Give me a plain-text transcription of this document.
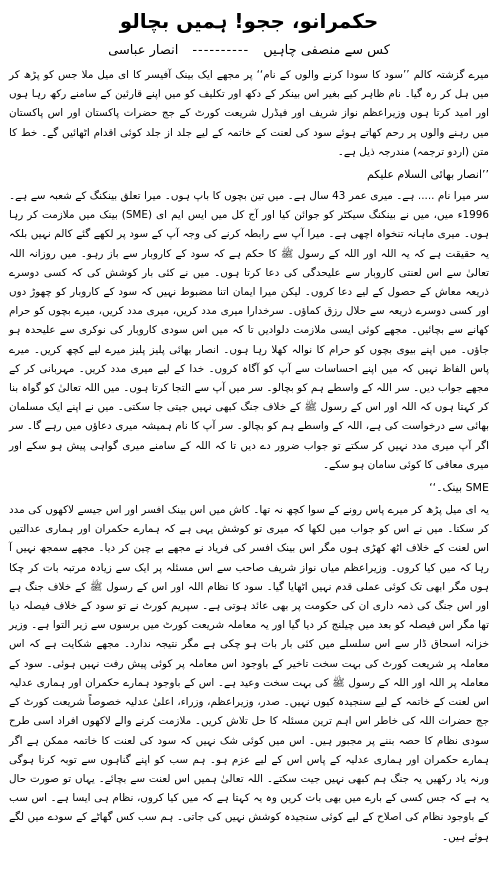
حکمرانو، ججو! ہمیں بچالو
کس سے منصفی چاہیں
----------
انصار عباسی

میرے گزشتہ کالم ’’سود کا سودا کرنے والوں کے نام‘‘ پر مجھے ایک بینک آفیسر کا ای میل ملا جس کو پڑھ کر میں ہل کر رہ گیا۔ نام ظاہر کیے بغیر اس بینکر کے دکھ اور تکلیف کو میں اپنے قارئین کے سامنے رکھ رہا ہوں اور امید کرتا ہوں وزیراعظم نواز شریف اور فیڈرل شریعت کورٹ کے جج حضرات پاکستان اور اس پاکستان میں رہنے والوں پر رحم کھاتے ہوئے سود کی لعنت کے خاتمہ کے لیے جلد از جلد کوئی اقدام اٹھائیں گے۔ خط کا متن (اردو ترجمہ) مندرجہ ذیل ہے۔

’’انصار بھائی السلام علیکم

سر میرا نام ..... ہے۔ میری عمر 43 سال ہے۔ میں تین بچوں کا باپ ہوں۔ میرا تعلق بینکنگ کے شعبہ سے ہے۔ 1996ء میں، میں نے بینکنگ سیکٹر کو جوائن کیا اور آج کل میں ایس ایم ای (SME) بینک میں ملازمت کر رہا ہوں۔ میری ماہانہ تنخواہ اچھی ہے۔ میرا آپ سے رابطہ کرنے کی وجہ آپ کے سود پر لکھے گئے کالم نہیں بلکہ یہ حقیقت ہے کہ یہ اللہ اور اللہ کے رسول ﷺ کا حکم ہے کہ سود کے کاروبار سے باز رہو۔ میں روزانہ اللہ تعالیٰ سے اس لعنتی کاروبار سے علیحدگی کی دعا کرتا ہوں۔ میں نے کئی بار کوشش کی کہ کسی دوسرے ذریعہ معاش کے حصول کے لیے دعا کروں۔ لیکن میرا ایمان اتنا مضبوط نہیں کہ سود کے کاروبار کو چھوڑ دوں اور کسی دوسرے ذریعہ سے حلال رزق کماؤں۔ سرخدارا میری مدد کریں، میری مدد کریں، میرے بچوں کو حرام کھانے سے بچائیں۔ مجھے کوئی ایسی ملازمت دلوادیں تا کہ میں اس سودی کاروبار کی نوکری سے علیحدہ ہو جاؤں۔ میں اپنے بیوی بچوں کو حرام کا نوالہ کھلا رہا ہوں۔ انصار بھائی پلیز پلیز میرے لیے کچھ کریں۔ میرے پاس الفاظ نہیں کہ میں اپنے احساسات سے آپ کو آگاہ کروں۔ خدا کے لیے میری مدد کریں۔ مہربانی کر کے مجھے جواب دیں۔ سر اللہ کے واسطے ہم کو بچالو۔ سر میں آپ سے التجا کرتا ہوں۔ میں اللہ تعالیٰ کو گواہ بنا کر کہتا ہوں کہ اللہ اور اس کے رسول ﷺ کے خلاف جنگ کبھی نہیں جیتی جا سکتی۔ میں نے اپنے ایک مسلمان بھائی سے درخواست کی ہے، اللہ کے واسطے ہم کو بچالو۔ سر آپ کا نام ہمیشہ میری دعاؤں میں رہے گا۔ سر اگر آپ میری مدد نہیں کر سکتے تو جواب ضرور دے دیں تا کہ اللہ کے سامنے میری گواہی پیش ہو سکے اور میری معافی کا کوئی سامان ہو سکے۔

SME بینک۔‘‘

یہ ای میل پڑھ کر میرے پاس رونے کے سوا کچھ نہ تھا۔ کاش میں اس بینک افسر اور اس جیسے لاکھوں کی مدد کر سکتا۔ میں نے اس کو جواب میں لکھا کہ میری تو کوشش یہی ہے کہ ہمارے حکمران اور ہماری عدالتیں اس لعنت کے خلاف اٹھ کھڑی ہوں مگر اس بینک افسر کی فریاد نے مجھے بے چین کر دیا۔ مجھے سمجھ نہیں آ رہا کہ میں کیا کروں۔ وزیراعظم میاں نواز شریف صاحب سے اس مسئلہ پر ایک سے زیادہ مرتبہ بات کر چکا ہوں مگر ابھی تک کوئی عملی قدم نہیں اٹھایا گیا۔ سود کا نظام اللہ اور اس کے رسول ﷺ کے خلاف جنگ ہے اور اس جنگ کی ذمہ داری ان کی حکومت پر بھی عائد ہوتی ہے۔ سپریم کورٹ نے تو سود کے خلاف فیصلہ دیا تھا مگر اس فیصلہ کو بعد میں چیلنج کر دیا گیا اور یہ معاملہ شریعت کورٹ میں برسوں سے زیر التوا ہے۔ وزیر خزانہ اسحاق ڈار سے اس سلسلے میں کئی بار بات ہو چکی ہے مگر نتیجہ ندارد۔ مجھے شکایت ہے کہ اس معاملہ پر شریعت کورٹ کی بہت سخت تاخیر کے باوجود اس معاملہ پر کوئی پیش رفت نہیں ہوئی۔ سود کے معاملہ پر اللہ اور اللہ کے رسول ﷺ کی بہت سخت وعید ہے۔ اس کے باوجود ہمارے حکمران اور ہماری عدلیہ اس لعنت کے خاتمہ کے لیے سنجیدہ کیوں نہیں۔ صدر، وزیراعظم، وزراء، اعلیٰ عدلیہ خصوصاً شریعت کورٹ کے جج حضرات اللہ کی خاطر اس اہم ترین مسئلہ کا حل تلاش کریں۔ ملازمت کرنے والے لاکھوں افراد اسی طرح سودی نظام کا حصہ بننے پر مجبور ہیں۔ اس میں کوئی شک نہیں کہ سود کی لعنت کا خاتمہ ممکن ہے اگر ہمارے حکمران اور ہماری عدلیہ کے پاس اس کے لیے عزم ہو۔ ہم سب کو اپنے گناہوں سے توبہ کرنا ہوگی ورنہ یاد رکھیں یہ جنگ ہم کبھی نہیں جیت سکتے۔ اللہ تعالیٰ ہمیں اس لعنت سے بچائے۔ یہاں تو صورت حال یہ ہے کہ جس کسی کے بارے میں بھی بات کریں وہ یہ کہتا ہے کہ میں کیا کروں، نظام ہی ایسا ہے۔ اس سب کے باوجود نظام کی اصلاح کے لیے کوئی سنجیدہ کوشش نہیں کی جاتی۔ ہم سب کس گھاٹے کے سودے میں لگے ہوئے ہیں۔
